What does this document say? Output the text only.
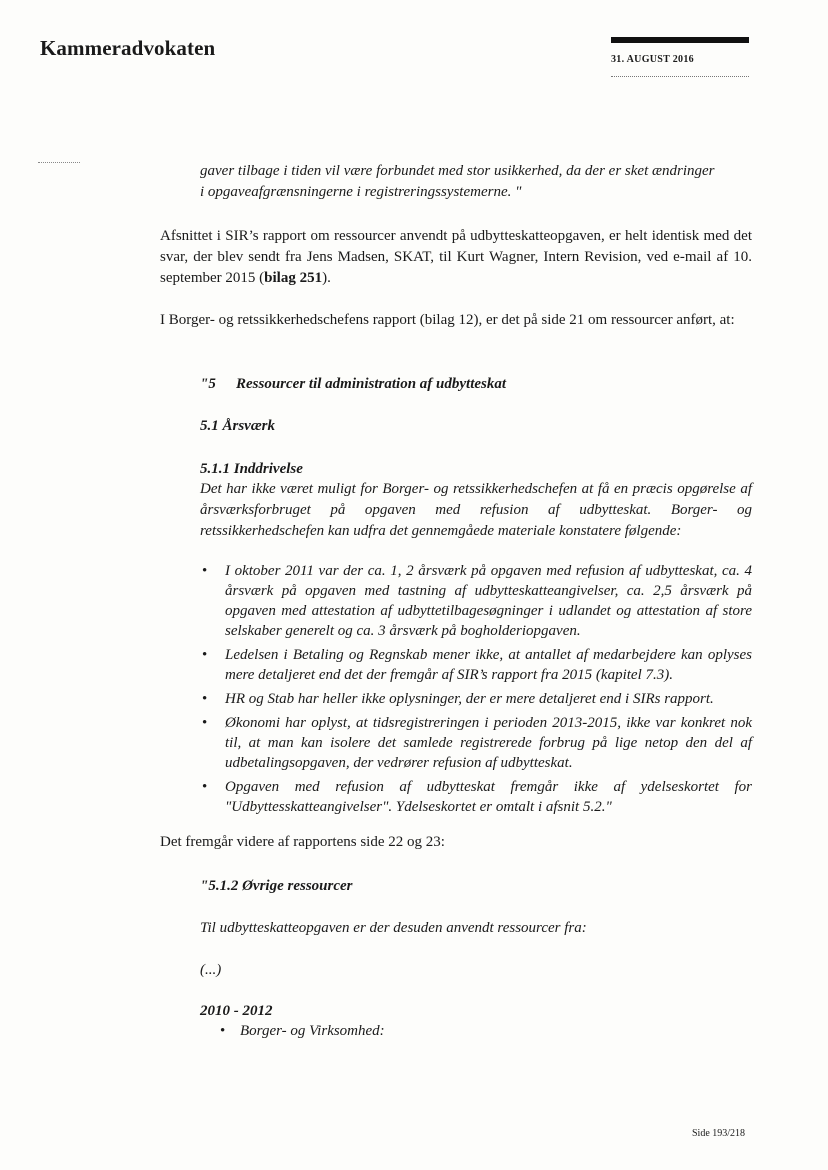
Kammeradvokaten	31. AUGUST 2016
gaver tilbage i tiden vil være forbundet med stor usikkerhed, da der er sket ændringer
i opgaveafgrænsningerne i registreringssystemerne. "
Afsnittet i SIR’s rapport om ressourcer anvendt på udbytteskatteopgaven, er helt identisk med det svar, der blev sendt fra Jens Madsen, SKAT, til Kurt Wagner, Intern Revision, ved e-mail af 10. september 2015 (bilag 251).
I Borger- og retssikkerhedschefens rapport (bilag 12), er det på side 21 om ressourcer anført, at:
"5 Ressourcer til administration af udbytteskat
5.1 Årsværk
5.1.1 Inddrivelse
Det har ikke været muligt for Borger- og retssikkerhedschefen at få en præcis opgørelse af årsværksforbruget på opgaven med refusion af udbytteskat. Borger- og retssikkerhedschefen kan udfra det gennemgåede materiale konstatere følgende:
• I oktober 2011 var der ca. 1, 2 årsværk på opgaven med refusion af udbytteskat, ca. 4 årsværk på opgaven med tastning af udbytteskatteangivelser, ca. 2,5 årsværk på opgaven med attestation af udbyttetilbagesøgninger i udlandet og attestation af store selskaber generelt og ca. 3 årsværk på bogholderiopgaven.
• Ledelsen i Betaling og Regnskab mener ikke, at antallet af medarbejdere kan oplyses mere detaljeret end det der fremgår af SIR’s rapport fra 2015 (kapitel 7.3).
• HR og Stab har heller ikke oplysninger, der er mere detaljeret end i SIRs rapport.
• Økonomi har oplyst, at tidsregistreringen i perioden 2013-2015, ikke var konkret nok til, at man kan isolere det samlede registrerede forbrug på lige netop den del af udbetalingsopgaven, der vedrører refusion af udbytteskat.
• Opgaven med refusion af udbytteskat fremgår ikke af ydelseskortet for "Udbyttesskatteangivelser". Ydelseskortet er omtalt i afsnit 5.2."
Det fremgår videre af rapportens side 22 og 23:
"5.1.2 Øvrige ressourcer
Til udbytteskatteopgaven er der desuden anvendt ressourcer fra:
(...)
2010 - 2012
• Borger- og Virksomhed:
Side 193/218
